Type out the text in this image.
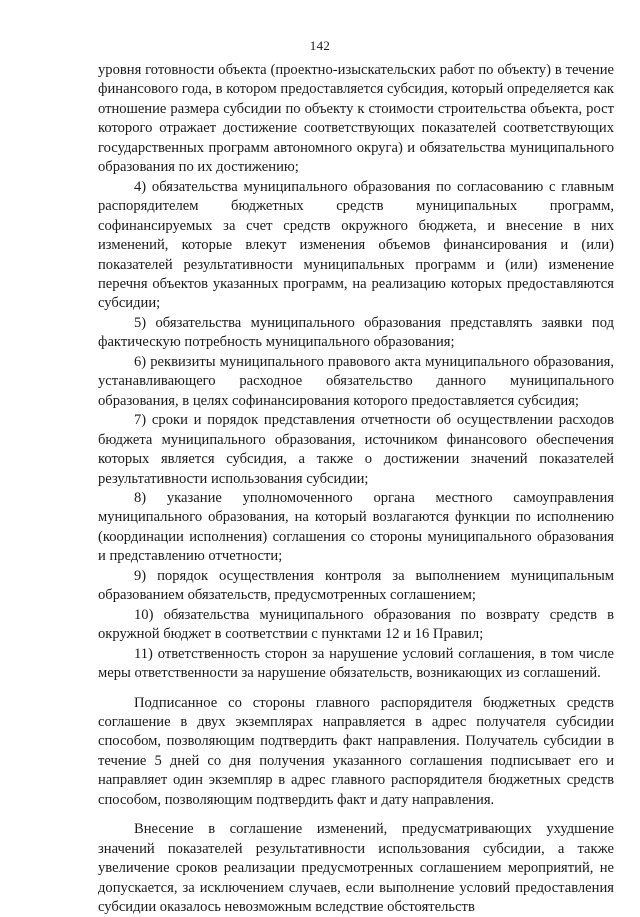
142

уровня готовности объекта (проектно-изыскательских работ по объекту) в течение финансового года, в котором предоставляется субсидия, который определяется как отношение размера субсидии по объекту к стоимости строительства объекта, рост которого отражает достижение соответствующих показателей соответствующих государственных программ автономного округа) и обязательства муниципального образования по их достижению;

4) обязательства муниципального образования по согласованию с главным распорядителем бюджетных средств муниципальных программ, софинансируемых за счет средств окружного бюджета, и внесение в них изменений, которые влекут изменения объемов финансирования и (или) показателей результативности муниципальных программ и (или) изменение перечня объектов указанных программ, на реализацию которых предоставляются субсидии;

5) обязательства муниципального образования представлять заявки под фактическую потребность муниципального образования;

6) реквизиты муниципального правового акта муниципального образования, устанавливающего расходное обязательство данного муниципального образования, в целях софинансирования которого предоставляется субсидия;

7) сроки и порядок представления отчетности об осуществлении расходов бюджета муниципального образования, источником финансового обеспечения которых является субсидия, а также о достижении значений показателей результативности использования субсидии;

8) указание уполномоченного органа местного самоуправления муниципального образования, на который возлагаются функции по исполнению (координации исполнения) соглашения со стороны муниципального образования и представлению отчетности;

9) порядок осуществления контроля за выполнением муниципальным образованием обязательств, предусмотренных соглашением;

10) обязательства муниципального образования по возврату средств в окружной бюджет в соответствии с пунктами 12 и 16 Правил;

11) ответственность сторон за нарушение условий соглашения, в том числе меры ответственности за нарушение обязательств, возникающих из соглашений.

Подписанное со стороны главного распорядителя бюджетных средств соглашение в двух экземплярах направляется в адрес получателя субсидии способом, позволяющим подтвердить факт направления. Получатель субсидии в течение 5 дней со дня получения указанного соглашения подписывает его и направляет один экземпляр в адрес главного распорядителя бюджетных средств способом, позволяющим подтвердить факт и дату направления.

Внесение в соглашение изменений, предусматривающих ухудшение значений показателей результативности использования субсидии, а также увеличение сроков реализации предусмотренных соглашением мероприятий, не допускается, за исключением случаев, если выполнение условий предоставления субсидии оказалось невозможным вследствие обстоятельств
